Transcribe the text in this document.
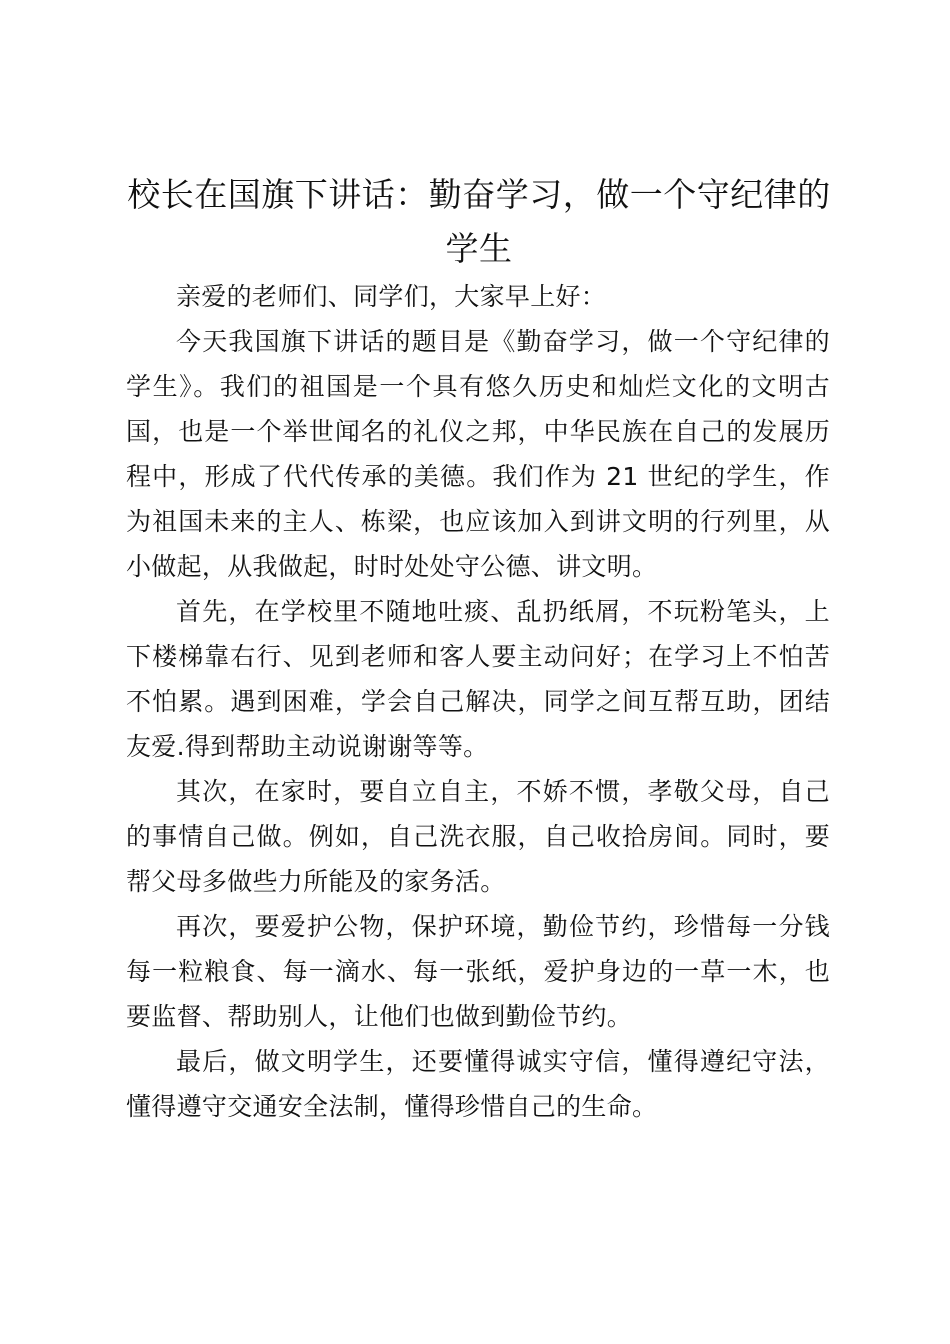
校长在国旗下讲话：勤奋学习，做一个守纪律的学生

亲爱的老师们、同学们，大家早上好：

今天我国旗下讲话的题目是《勤奋学习，做一个守纪律的学生》。我们的祖国是一个具有悠久历史和灿烂文化的文明古国，也是一个举世闻名的礼仪之邦，中华民族在自己的发展历程中，形成了代代传承的美德。我们作为 21 世纪的学生，作为祖国未来的主人、栋梁，也应该加入到讲文明的行列里，从小做起，从我做起，时时处处守公德、讲文明。

首先，在学校里不随地吐痰、乱扔纸屑，不玩粉笔头，上下楼梯靠右行、见到老师和客人要主动问好；在学习上不怕苦不怕累。遇到困难，学会自己解决，同学之间互帮互助，团结友爱.得到帮助主动说谢谢等等。

其次，在家时，要自立自主，不娇不惯，孝敬父母，自己的事情自己做。例如，自己洗衣服，自己收拾房间。同时，要帮父母多做些力所能及的家务活。

再次，要爱护公物，保护环境，勤俭节约，珍惜每一分钱每一粒粮食、每一滴水、每一张纸，爱护身边的一草一木，也要监督、帮助别人，让他们也做到勤俭节约。

最后，做文明学生，还要懂得诚实守信，懂得遵纪守法，懂得遵守交通安全法制，懂得珍惜自己的生命。
